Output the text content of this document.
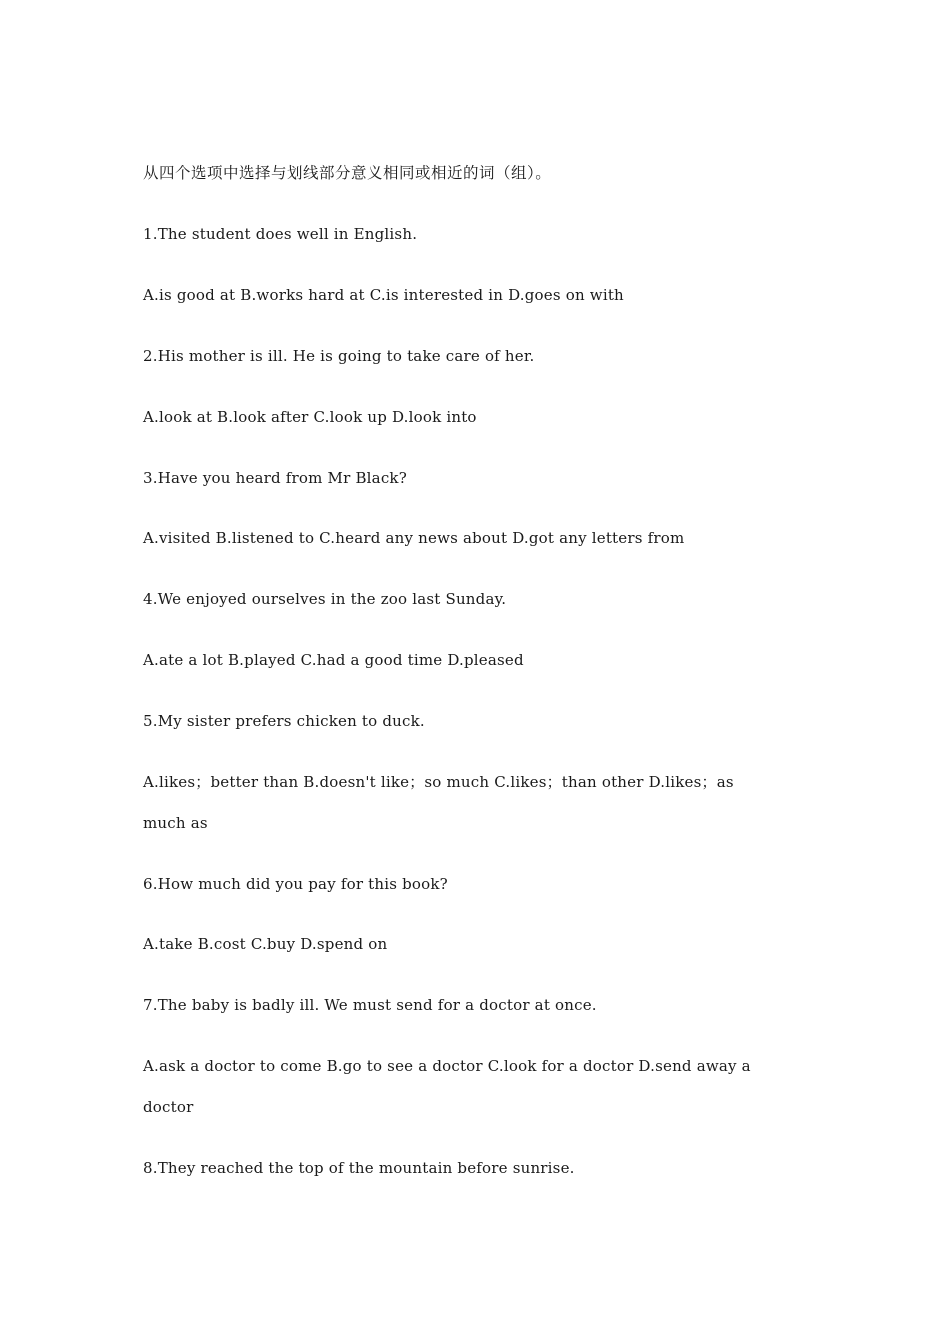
从四个选项中选择与划线部分意义相同或相近的词（组）。
1.The student does well in English.
A.is good at B.works hard at C.is interested in D.goes on with
2.His mother is ill. He is going to take care of her.
A.look at B.look after C.look up D.look into
3.Have you heard from Mr Black?
A.visited B.listened to C.heard any news about D.got any letters from
4.We enjoyed ourselves in the zoo last Sunday.
A.ate a lot B.played C.had a good time D.pleased
5.My sister prefers chicken to duck.
A.likes；better than B.doesn't like；so much C.likes；than other D.likes；as
much as
6.How much did you pay for this book?
A.take B.cost C.buy D.spend on
7.The baby is badly ill. We must send for a doctor at once.
A.ask a doctor to come B.go to see a doctor C.look for a doctor D.send away a
doctor
8.They reached the top of the mountain before sunrise.
